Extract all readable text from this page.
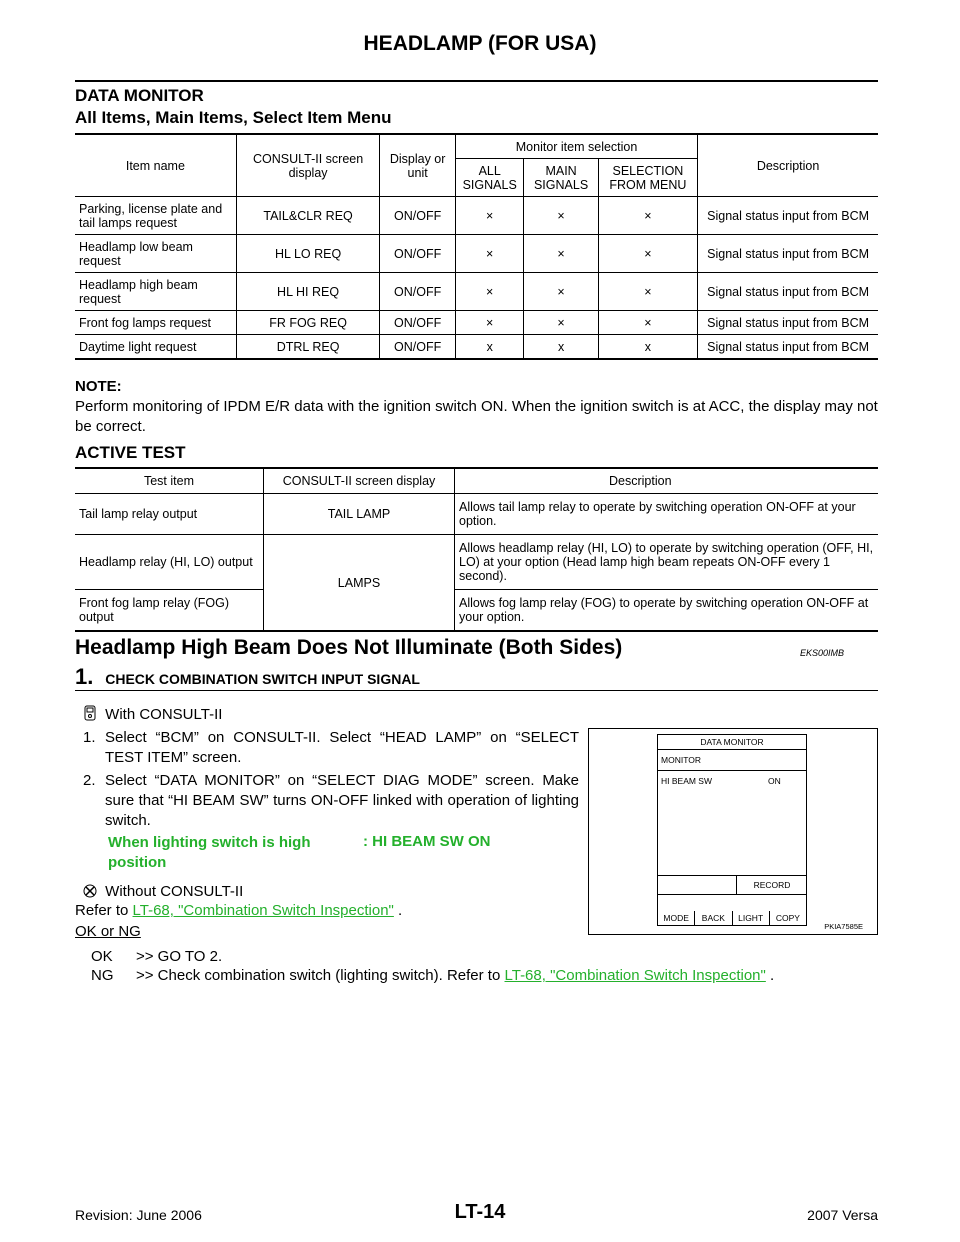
HEADLAMP (FOR USA)
DATA MONITOR
All Items, Main Items, Select Item Menu
Item name	CONSULT-II screen display	Display or unit	Monitor item selection			Description
			ALL SIGNALS	MAIN SIGNALS	SELECTION FROM MENU	
Parking, license plate and tail lamps request	TAIL&CLR REQ	ON/OFF	×	×	×	Signal status input from BCM
Headlamp low beam request	HL LO REQ	ON/OFF	×	×	×	Signal status input from BCM
Headlamp high beam request	HL HI REQ	ON/OFF	×	×	×	Signal status input from BCM
Front fog lamps request	FR FOG REQ	ON/OFF	×	×	×	Signal status input from BCM
Daytime light request	DTRL REQ	ON/OFF	x	x	x	Signal status input from BCM
NOTE:
Perform monitoring of IPDM E/R data with the ignition switch ON. When the ignition switch is at ACC, the display may not be correct.
ACTIVE TEST
Test item	CONSULT-II screen display	Description
Tail lamp relay output	TAIL LAMP	Allows tail lamp relay to operate by switching operation ON-OFF at your option.
Headlamp relay (HI, LO) output	LAMPS	Allows headlamp relay (HI, LO) to operate by switching operation (OFF, HI, LO) at your option (Head lamp high beam repeats ON-OFF every 1 second).
Front fog lamp relay (FOG) output		Allows fog lamp relay (FOG) to operate by switching operation ON-OFF at your option.
Headlamp High Beam Does Not Illuminate (Both Sides)	EKS00IMB
1. CHECK COMBINATION SWITCH INPUT SIGNAL
With CONSULT-II
1. Select “BCM” on CONSULT-II. Select “HEAD LAMP” on “SELECT TEST ITEM” screen.
2. Select “DATA MONITOR” on “SELECT DIAG MODE” screen. Make sure that “HI BEAM SW” turns ON-OFF linked with operation of lighting switch.
When lighting switch is high position
: HI BEAM SW ON
Without CONSULT-II
Refer to LT-68, "Combination Switch Inspection" .
OK or NG
OK >> GO TO 2.
NG >> Check combination switch (lighting switch). Refer to LT-68, "Combination Switch Inspection" .
DATA MONITOR
MONITOR
HI BEAM SW	ON
RECORD
MODE	BACK	LIGHT	COPY
PKIA7585E
Revision: June 2006	LT-14	2007 Versa
